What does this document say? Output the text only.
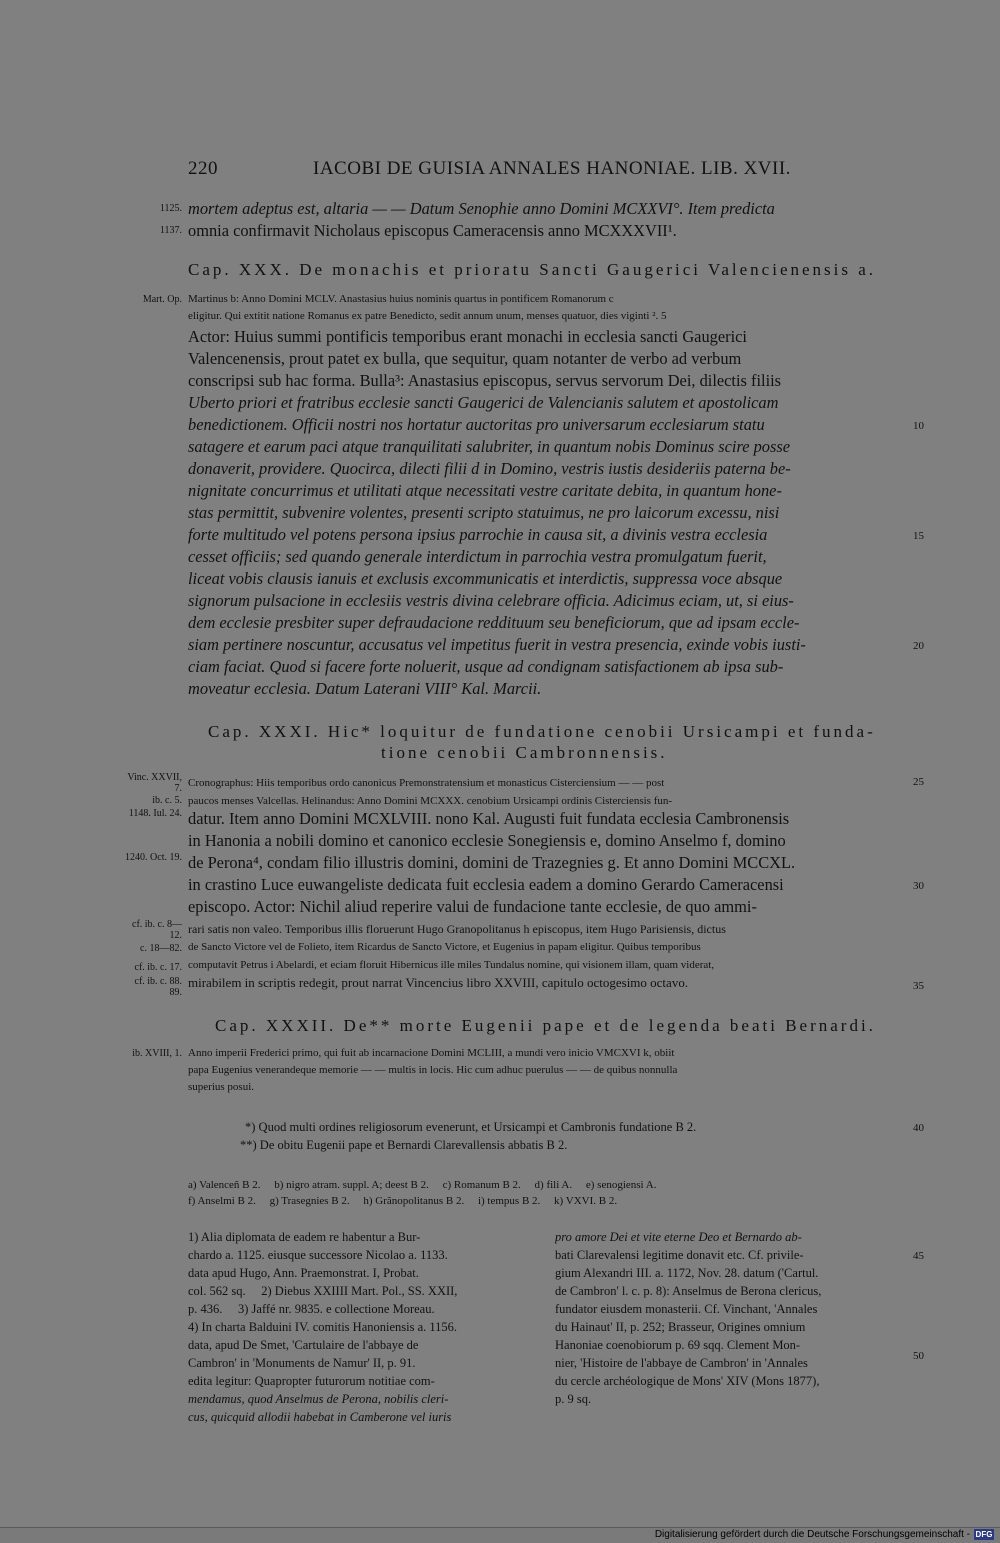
220	IACOBI DE GUISIA ANNALES HANONIAE. LIB. XVII.
1125. mortem adeptus est, altaria — — Datum Senophie anno Domini MCXXVI°. Item predicta
1137. omnia confirmavit Nicholaus episcopus Cameracensis anno MCXXXVII¹.
Cap. XXX. De monachis et prioratu Sancti Gaugerici Valencienensis a.
Mart. Op. Martinus b: Anno Domini MCLV. Anastasius huius nominis quartus in pontificem Romanorum c
eligitur. Qui extitit natione Romanus ex patre Benedicto, sedit annum unum, menses quatuor, dies viginti ². 5
Actor: Huius summi pontificis temporibus erant monachi in ecclesia sancti Gaugerici
Valencenensis, prout patet ex bulla, que sequitur, quam notanter de verbo ad verbum
conscripsi sub hac forma. Bulla³: Anastasius episcopus, servus servorum Dei, dilectis filiis
Uberto priori et fratribus ecclesie sancti Gaugerici de Valencianis salutem et apostolicam
benedictionem. Officii nostri nos hortatur auctoritas pro universarum ecclesiarum statu
satagere et earum paci atque tranquilitati salubriter, in quantum nobis Dominus scire posse
donaverit, providere. Quocirca, dilecti filii d in Domino, vestris iustis desideriis paterna be-
nignitate concurrimus et utilitati atque necessitati vestre caritate debita, in quantum hone-
stas permittit, subvenire volentes, presenti scripto statuimus, ne pro laicorum excessu, nisi
forte multitudo vel potens persona ipsius parrochie in causa sit, a divinis vestra ecclesia
cesset officiis; sed quando generale interdictum in parrochia vestra promulgatum fuerit,
liceat vobis clausis ianuis et exclusis excommunicatis et interdictis, suppressa voce absque
signorum pulsacione in ecclesiis vestris divina celebrare officia. Adicimus eciam, ut, si eius-
dem ecclesie presbiter super defraudacione reddituum seu beneficiorum, que ad ipsam eccle-
siam pertinere noscuntur, accusatus vel impetitus fuerit in vestra presencia, exinde vobis iusti-
ciam faciat. Quod si facere forte noluerit, usque ad condignam satisfactionem ab ipsa sub-
moveatur ecclesia. Datum Laterani VIII° Kal. Marcii.
10
15
20
Cap. XXXI. Hic* loquitur de fundatione cenobii Ursicampi et funda-
tione cenobii Cambronnensis.
Vinc. XXVII, 7.
ib. c. 5.
1148. Iul. 24.
1240. Oct. 19.
cf. ib. c. 8—12.
c. 18—82.
cf. ib. c. 17.
cf. ib. c. 88. 89.
Cronographus: Hiis temporibus ordo canonicus Premonstratensium et monasticus Cisterciensium — — post	25
paucos menses Valcellas. Helinandus: Anno Domini MCXXX. cenobium Ursicampi ordinis Cisterciensis fun-
datur. Item anno Domini MCXLVIII. nono Kal. Augusti fuit fundata ecclesia Cambronensis
in Hanonia a nobili domino et canonico ecclesie Sonegiensis e, domino Anselmo f, domino
de Perona⁴, condam filio illustris domini, domini de Trazegnies g. Et anno Domini MCCXL.
in crastino Luce euwangeliste dedicata fuit ecclesia eadem a domino Gerardo Cameracensi	30
episcopo. Actor: Nichil aliud reperire valui de fundacione tante ecclesie, de quo ammi-
rari satis non valeo. Temporibus illis floruerunt Hugo Granopolitanus h episcopus, item Hugo Parisiensis, dictus
de Sancto Victore vel de Folieto, item Ricardus de Sancto Victore, et Eugenius in papam eligitur. Quibus temporibus
computavit Petrus i Abelardi, et eciam floruit Hibernicus ille miles Tundalus nomine, qui visionem illam, quam viderat,
mirabilem in scriptis redegit, prout narrat Vincencius libro XXVIII, capitulo octogesimo octavo.	35
Cap. XXXII. De** morte Eugenii pape et de legenda beati Bernardi.
ib. XVIII, 1. Anno imperii Frederici primo, qui fuit ab incarnacione Domini MCLIII, a mundi vero inicio VMCXVI k, obiit
papa Eugenius venerandeque memorie — — multis in locis. Hic cum adhuc puerulus — — de quibus nonnulla
superius posui.
*) Quod multi ordines religiosorum evenerunt, et Ursicampi et Cambronis fundatione B 2.
**) De obitu Eugenii pape et Bernardi Clarevallensis abbatis B 2.
40
a) Valenceñ B 2.     b) nigro atram. suppl. A; deest B 2.     c) Romanum B 2.     d) fili A.     e) senogiensi A.
f) Anselmi B 2.     g) Trasegnies B 2.     h) Grãnopolitanus B 2.     i) tempus B 2.     k) VXVI. B 2.
1) Alia diplomata de eadem re habentur a Bur-
chardo a. 1125. eiusque successore Nicolao a. 1133.
data apud Hugo, Ann. Praemonstrat. I, Probat.
col. 562 sq.     2) Diebus XXIIII Mart. Pol., SS. XXII,
p. 436.     3) Jaffé nr. 9835. e collectione Moreau.
4) In charta Balduini IV. comitis Hanoniensis a. 1156.
data, apud De Smet, 'Cartulaire de l'abbaye de
Cambron' in 'Monuments de Namur' II, p. 91.
edita legitur: Quapropter futurorum notitiae com-
mendamus, quod Anselmus de Perona, nobilis cleri-
cus, quicquid allodii habebat in Camberone vel iuris
pro amore Dei et vite eterne Deo et Bernardo ab-
bati Clarevalensi legitime donavit etc. Cf. privile-
gium Alexandri III. a. 1172, Nov. 28. datum ('Cartul.
de Cambron' l. c. p. 8): Anselmus de Berona clericus,
fundator eiusdem monasterii. Cf. Vinchant, 'Annales
du Hainaut' II, p. 252; Brasseur, Origines omnium
Hanoniae coenobiorum p. 69 sqq. Clement Mon-
nier, 'Histoire de l'abbaye de Cambron' in 'Annales
du cercle archéologique de Mons' XIV (Mons 1877),
p. 9 sq.
45
50
Digitalisierung gefördert durch die Deutsche Forschungsgemeinschaft - DFG
